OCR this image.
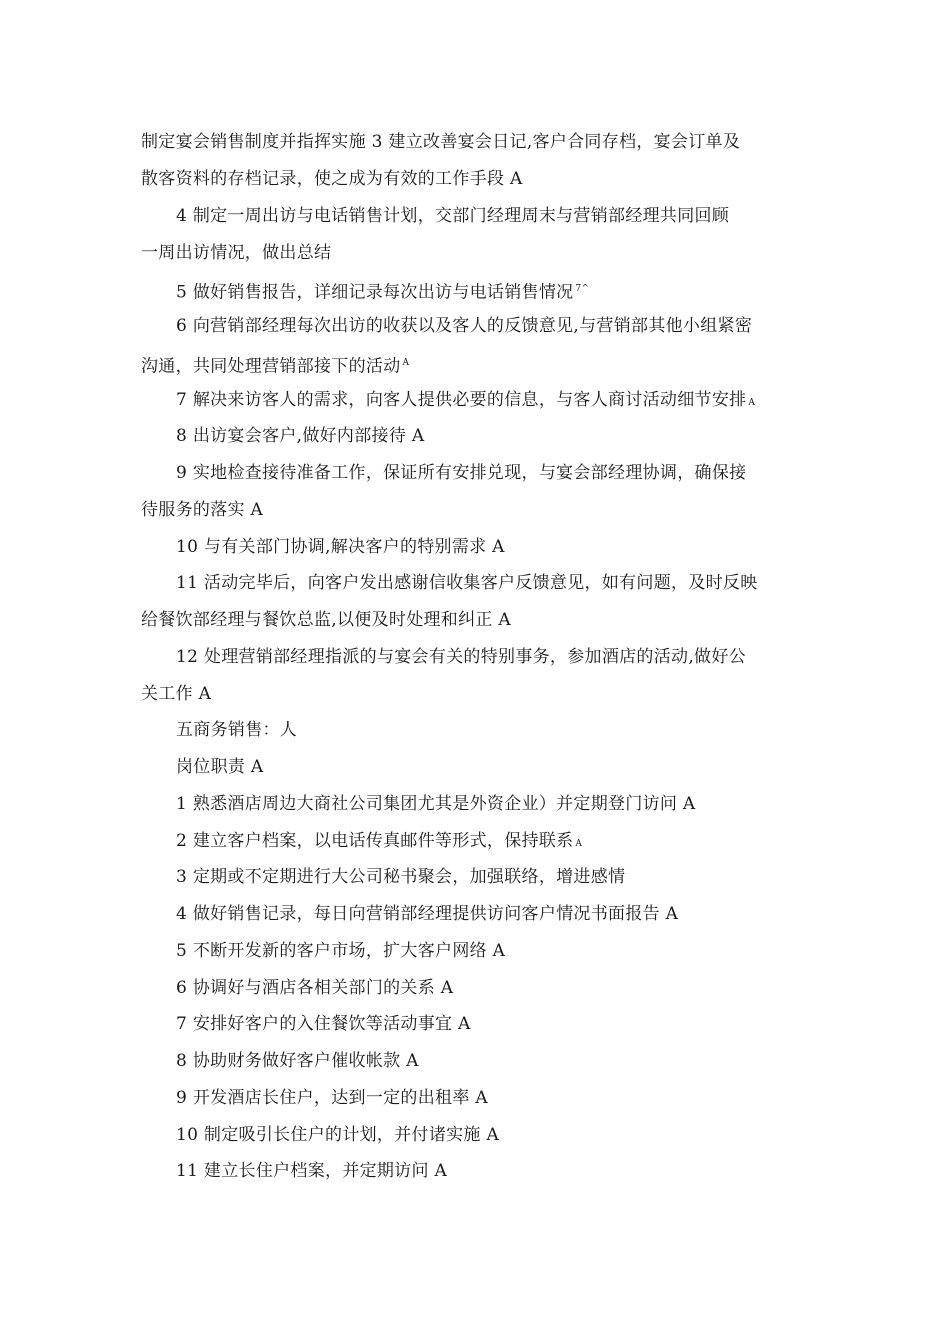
制定宴会销售制度并指挥实施 3 建立改善宴会日记,客户合同存档，宴会订单及
散客资料的存档记录，使之成为有效的工作手段 A
4 制定一周出访与电话销售计划，交部门经理周末与营销部经理共同回顾
一周出访情况，做出总结
5 做好销售报告，详细记录每次出访与电话销售情况 $^{7\^{}}$
6 向营销部经理每次出访的收获以及客人的反馈意见,与营销部其他小组紧密
沟通，共同处理营销部接下的活动 $^A$
7 解决来访客人的需求，向客人提供必要的信息，与客人商讨活动细节安排 A
8 出访宴会客户,做好内部接待 A
9 实地检查接待准备工作，保证所有安排兑现，与宴会部经理协调，确保接
待服务的落实 A
10 与有关部门协调,解决客户的特别需求 A
11 活动完毕后，向客户发出感谢信收集客户反馈意见，如有问题，及时反映
给餐饮部经理与餐饮总监,以便及时处理和纠正 A
12 处理营销部经理指派的与宴会有关的特别事务，参加酒店的活动,做好公
关工作 A
五商务销售：人
岗位职责 A
1 熟悉酒店周边大商社公司集团尤其是外资企业）并定期登门访问 A
2 建立客户档案，以电话传真邮件等形式，保持联系 A
3 定期或不定期进行大公司秘书聚会，加强联络，增进感情
4 做好销售记录，每日向营销部经理提供访问客户情况书面报告 A
5 不断开发新的客户市场，扩大客户网络 A
6 协调好与酒店各相关部门的关系 A
7 安排好客户的入住餐饮等活动事宜 A
8 协助财务做好客户催收帐款 A
9 开发酒店长住户，达到一定的出租率 A
10 制定吸引长住户的计划，并付诸实施 A
11 建立长住户档案，并定期访问 A
